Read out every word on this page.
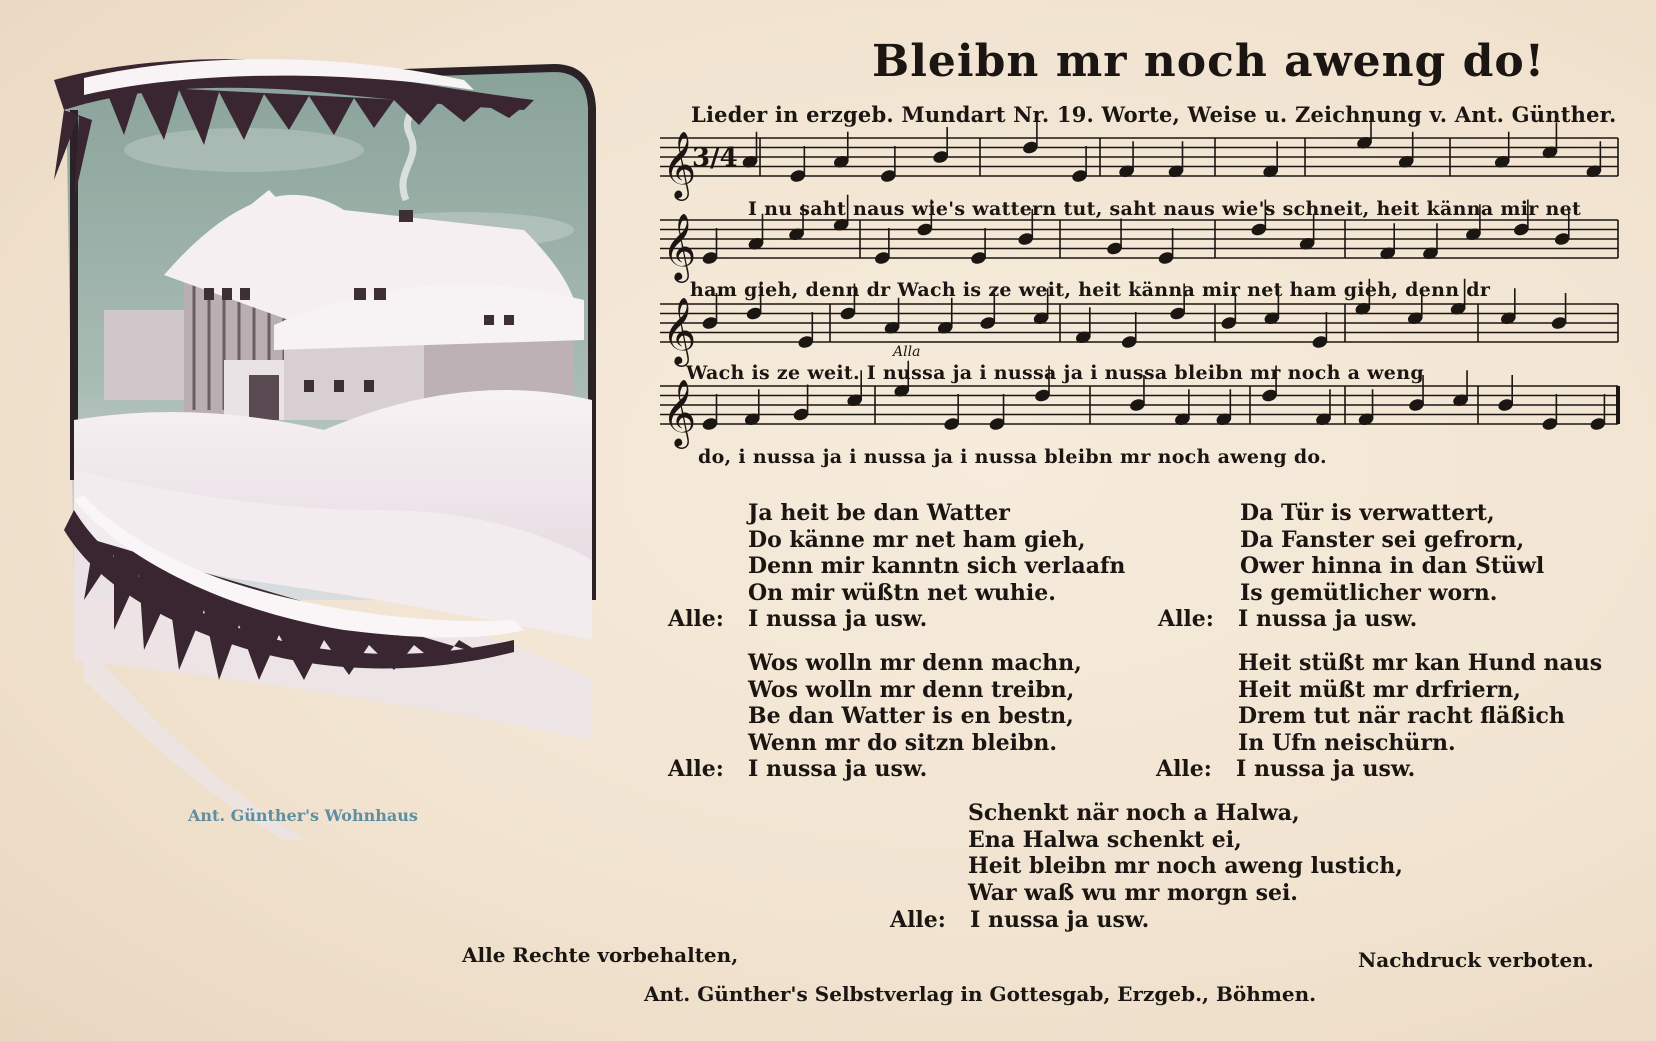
Ant. Günther's Wohnhaus
Bleibn mr noch aweng do!
Lieder in erzgeb. Mundart Nr. 19. Worte, Weise u. Zeichnung v. Ant. Günther.
𝄞
𝄞
𝄞
𝄞
3/4
Alla
I nu saht naus wie's wattern tut, saht naus wie's schneit, heit känna mir net
ham gieh, denn dr Wach is ze weit, heit känna mir net ham gieh, denn dr
Wach is ze weit. I nussa ja i nussa ja i nussa bleibn mr noch a weng
do, i nussa ja i nussa ja i nussa bleibn mr noch aweng do.
Ja heit be dan Watter
Do känne mr net ham gieh,
Denn mir kanntn sich verlaafn
On mir wüßtn net wuhie.
Alle: I nussa ja usw.
Da Tür is verwattert,
Da Fanster sei gefrorn,
Ower hinna in dan Stüwl
Is gemütlicher worn.
Alle: I nussa ja usw.
Wos wolln mr denn machn,
Wos wolln mr denn treibn,
Be dan Watter is en bestn,
Wenn mr do sitzn bleibn.
Alle: I nussa ja usw.
Heit stüßt mr kan Hund naus
Heit müßt mr drfriern,
Drem tut när racht fläßich
In Ufn neischürn.
Alle: I nussa ja usw.
Schenkt när noch a Halwa,
Ena Halwa schenkt ei,
Heit bleibn mr noch aweng lustich,
War waß wu mr morgn sei.
Alle: I nussa ja usw.
Alle Rechte vorbehalten,	Nachdruck verboten.
Ant. Günther's Selbstverlag in Gottesgab, Erzgeb., Böhmen.
